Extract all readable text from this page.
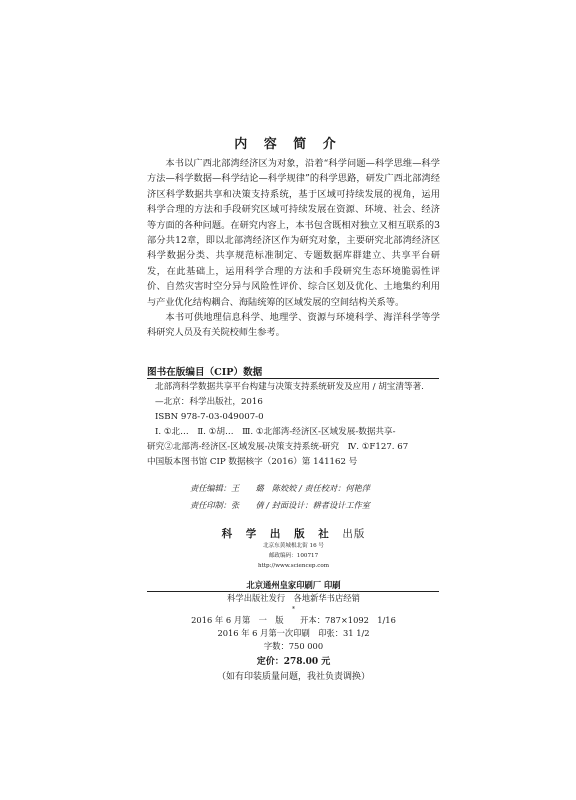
内 容 简 介

本书以广西北部湾经济区为对象，沿着“科学问题—科学思维—科学方法—科学数据—科学结论—科学规律”的科学思路，研发广西北部湾经济区科学数据共享和决策支持系统，基于区域可持续发展的视角，运用科学合理的方法和手段研究区域可持续发展在资源、环境、社会、经济等方面的各种问题。在研究内容上，本书包含既相对独立又相互联系的3部分共12章，即以北部湾经济区作为研究对象，主要研究北部湾经济区科学数据分类、共享规范标准制定、专题数据库群建立、共享平台研发，在此基础上，运用科学合理的方法和手段研究生态环境脆弱性评价、自然灾害时空分异与风险性评价、综合区划及优化、土地集约利用与产业优化结构耦合、海陆统筹的区域发展的空间结构关系等。

本书可供地理信息科学、地理学、资源与环境科学、海洋科学等学科研究人员及有关院校师生参考。

图书在版编目（CIP）数据
北部湾科学数据共享平台构建与决策支持系统研发及应用 / 胡宝清等著.
—北京：科学出版社，2016
ISBN 978-7-03-049007-0
Ⅰ. ①北…　Ⅱ. ①胡…　Ⅲ. ①北部湾-经济区-区域发展-数据共享-
研究②北部湾-经济区-区域发展-决策支持系统-研究　Ⅳ. ①F127. 67
中国版本图书馆 CIP 数据核字（2016）第 141162 号
责任编辑：王　　璐　陈姣姣 / 责任校对：何艳萍
责任印制：张　　倩 / 封面设计：耕者设计工作室
科 学 出 版 社 出版
北京东黄城根北街 16 号
邮政编码：100717
http://www.sciencep.com
北京通州皇家印刷厂 印刷
科学出版社发行　各地新华书店经销
*
2016 年 6 月第　一　版　　开本：787×1092　1/16
2016 年 6 月第一次印刷　印张：31 1/2
字数：750 000
定价：278.00 元
（如有印装质量问题，我社负责调换）
